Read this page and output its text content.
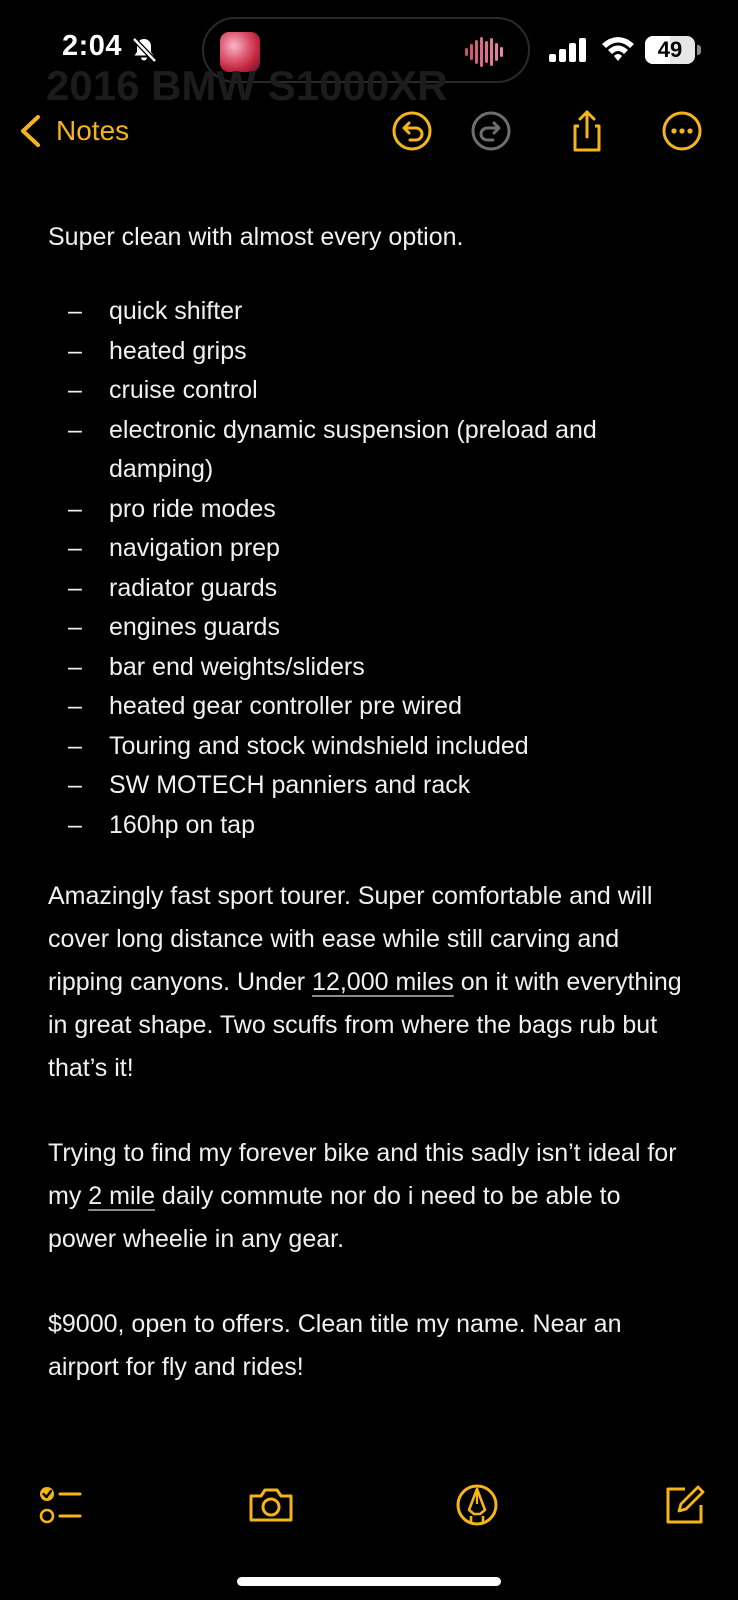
2:04	49
2016 BMW S1000XR
Notes

Super clean with almost every option.

– quick shifter
– heated grips
– cruise control
– electronic dynamic suspension (preload and damping)
– pro ride modes
– navigation prep
– radiator guards
– engines guards
– bar end weights/sliders
– heated gear controller pre wired
– Touring and stock windshield included
– SW MOTECH panniers and rack
– 160hp on tap

Amazingly fast sport tourer. Super comfortable and will cover long distance with ease while still carving and ripping canyons. Under 12,000 miles on it with everything in great shape. Two scuffs from where the bags rub but that’s it!

Trying to find my forever bike and this sadly isn’t ideal for my 2 mile daily commute nor do i need to be able to power wheelie in any gear.

$9000, open to offers. Clean title my name. Near an airport for fly and rides!
